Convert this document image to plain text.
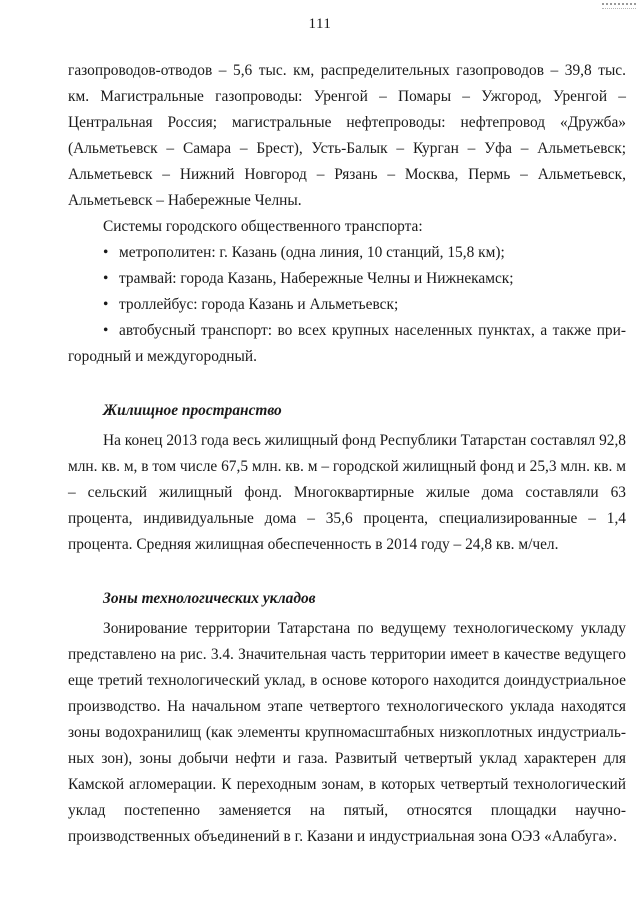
111

газопроводов-отводов – 5,6 тыс. км, распределительных газопроводов – 39,8 тыс. км. Магистральные газопроводы: Уренгой – Помары – Ужгород, Уренгой – Центральная Россия; магистральные нефтепроводы: нефтепровод «Дружба» (Альметьевск – Самара – Брест), Усть-Балык – Курган – Уфа – Альметьевск; Альметьевск – Нижний Новгород – Рязань – Москва, Пермь – Альметьевск, Альметьевск – Набережные Челны.

Системы городского общественного транспорта:

• метрополитен: г. Казань (одна линия, 10 станций, 15,8 км);
• трамвай: города Казань, Набережные Челны и Нижнекамск;
• троллейбус: города Казань и Альметьевск;
• автобусный транспорт: во всех крупных населенных пунктах, а также пригородный и междугородный.
Жилищное пространство

На конец 2013 года весь жилищный фонд Республики Татарстан составлял 92,8 млн. кв. м, в том числе 67,5 млн. кв. м – городской жилищный фонд и 25,3 млн. кв. м – сельский жилищный фонд. Многоквартирные жилые дома составляли 63 процента, индивидуальные дома – 35,6 процента, специализированные – 1,4 процента. Средняя жилищная обеспеченность в 2014 году – 24,8 кв. м/чел.

Зоны технологических укладов

Зонирование территории Татарстана по ведущему технологическому укладу представлено на рис. 3.4. Значительная часть территории имеет в качестве ведущего еще третий технологический уклад, в основе которого находится доиндустриальное производство. На начальном этапе четвертого технологического уклада находятся зоны водохранилищ (как элементы крупномасштабных низкоплотных индустриальных зон), зоны добычи нефти и газа. Развитый четвертый уклад характерен для Камской агломерации. К переходным зонам, в которых четвертый технологический уклад постепенно заменяется на пятый, относятся площадки научно-производственных объединений в г. Казани и индустриальная зона ОЭЗ «Алабуга».
